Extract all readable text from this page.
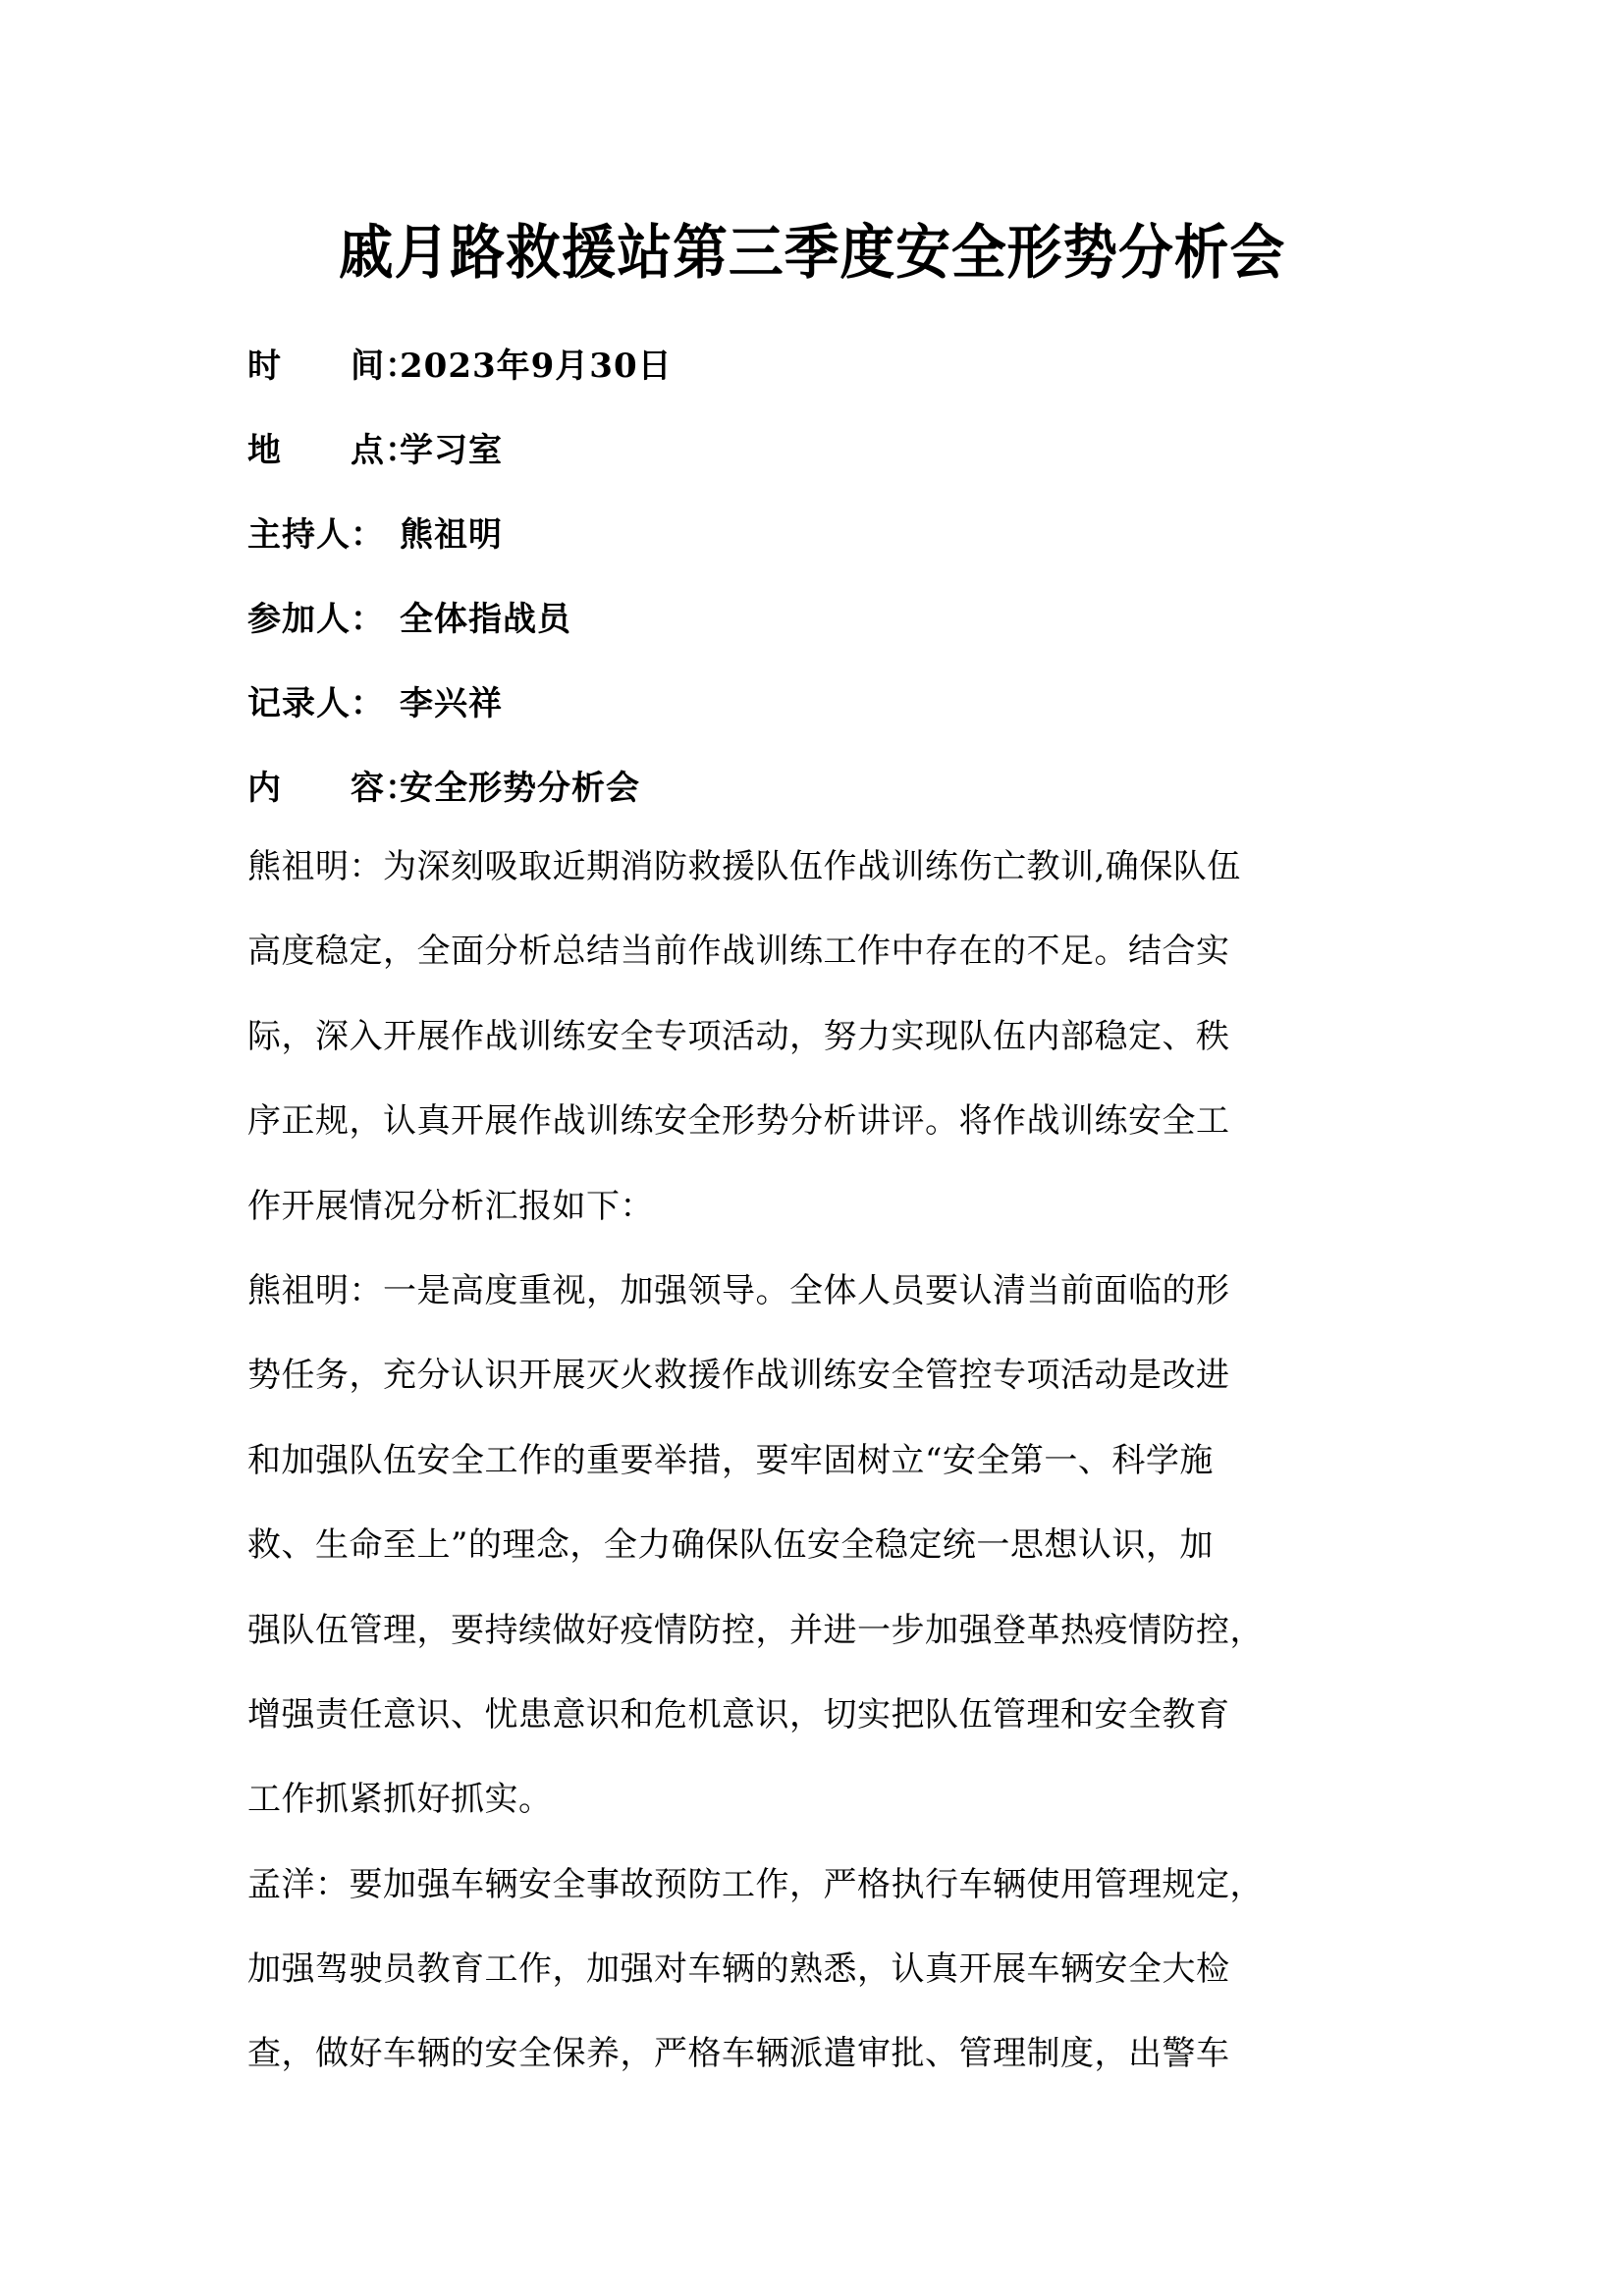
戚月路救援站第三季度安全形势分析会
时　　间：
2023年9月30日
地　　点：
学习室
主持人： 熊祖明
参加人： 全体指战员
记录人： 李兴祥
内　　容：
安全形势分析会
熊祖明：为深刻吸取近期消防救援队伍作战训练伤亡教训,确保队伍
高度稳定，全面分析总结当前作战训练工作中存在的不足。结合实
际，深入开展作战训练安全专项活动，努力实现队伍内部稳定、秩
序正规，认真开展作战训练安全形势分析讲评。将作战训练安全工
作开展情况分析汇报如下：
熊祖明：一是高度重视，加强领导。全体人员要认清当前面临的形
势任务，充分认识开展灭火救援作战训练安全管控专项活动是改进
和加强队伍安全工作的重要举措，要牢固树立“安全第一、科学施
救、生命至上”的理念，全力确保队伍安全稳定统一思想认识，加
强队伍管理，要持续做好疫情防控，并进一步加强登革热疫情防控，
增强责任意识、忧患意识和危机意识，切实把队伍管理和安全教育
工作抓紧抓好抓实。
孟洋：要加强车辆安全事故预防工作，严格执行车辆使用管理规定，
加强驾驶员教育工作，加强对车辆的熟悉，认真开展车辆安全大检
查，做好车辆的安全保养，严格车辆派遣审批、管理制度，出警车
